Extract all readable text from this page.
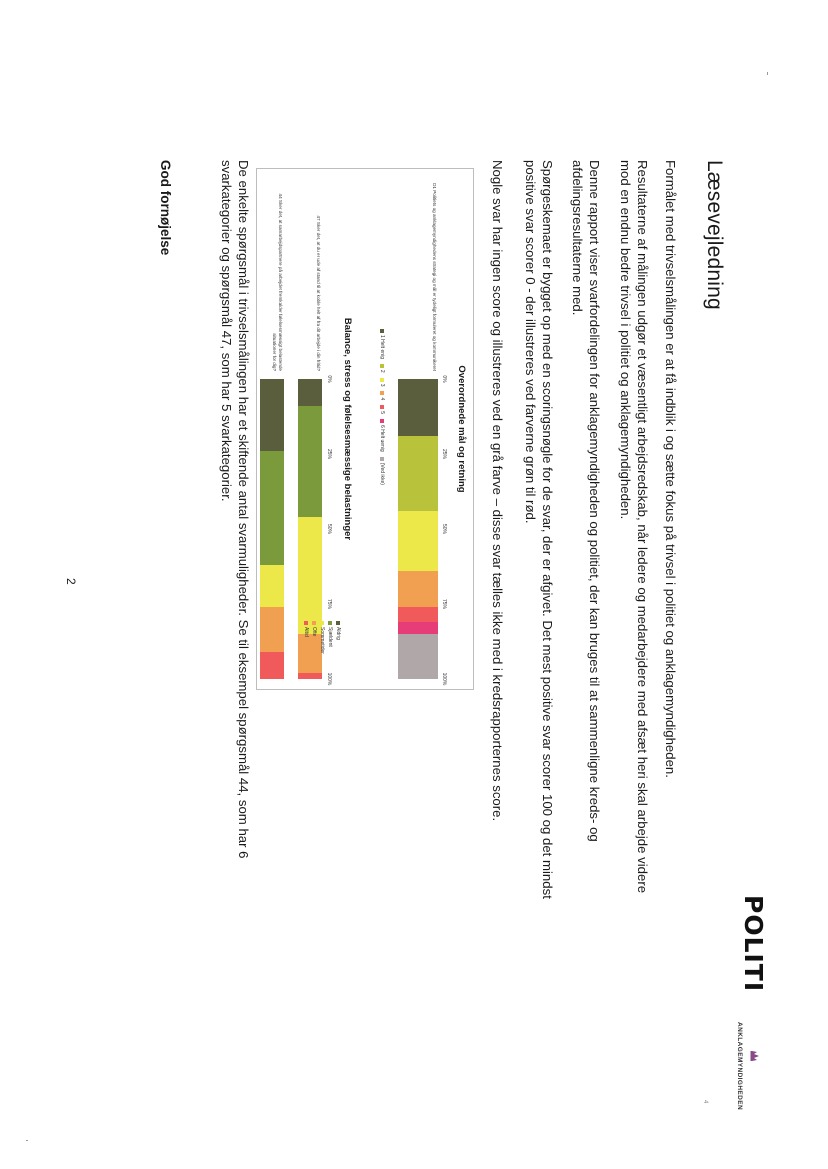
Læsevejledning
Formålet med trivselsmålingen er at få indblik i og sætte fokus på trivsel i politiet og anklagemyndigheden.
Resultaterne af målingen udgør et væsentligt arbejdsredskab, når ledere og medarbejdere med afsæt heri skal arbejde videre mod en endnu bedre trivsel i politiet og anklagemyndigheden.
Denne rapport viser svarfordelingen for anklagemyndigheden og politiet, der kan bruges til at sammenligne kreds- og afdelingsresultaterne med.
Spørgeskemaet er bygget op med en scoringsnøgle for de svar, der er afgivet. Det mest positive svar scorer 100 og det mindst positive svar scorer 0 - der illustreres ved farverne grøn til rød.
Nogle svar har ingen score og illustreres ved en grå farve – disse svar tælles ikke med i kredsrapporternes score.
Overordnede mål og retning
0%
25%
50%
75%
100%
0%
25%
50%
75%
100%
Balance, stress og følelsesmæssige belastninger	1 Helt enig23456 Helt uenig(Ved ikke)
Aldrig
Sjældent
Sommetider
Ofte
Altid
D1 Politiets og anklagemyndighedens strategi og mål er tydeligt formuleret og kommunikeret
47 Sker det, at du er ude af stand til at koble helt af fra dit arbejde i din fritid?
44 Sker det, at samarbejdspartnere på arbejdet fremkalder følelsesmæssigt belastende situationer for dig?
De enkelte spørgsmål i trivselsmålingen har et skiftende antal svarmuligheder. Se til eksempel spørgsmål 44, som har 6 svarkategorier og spørgsmål 47, som har 5 svarkategorier.
God fornøjelse
POLITI
ANKLAGEMYNDIGHEDEN
4
2
